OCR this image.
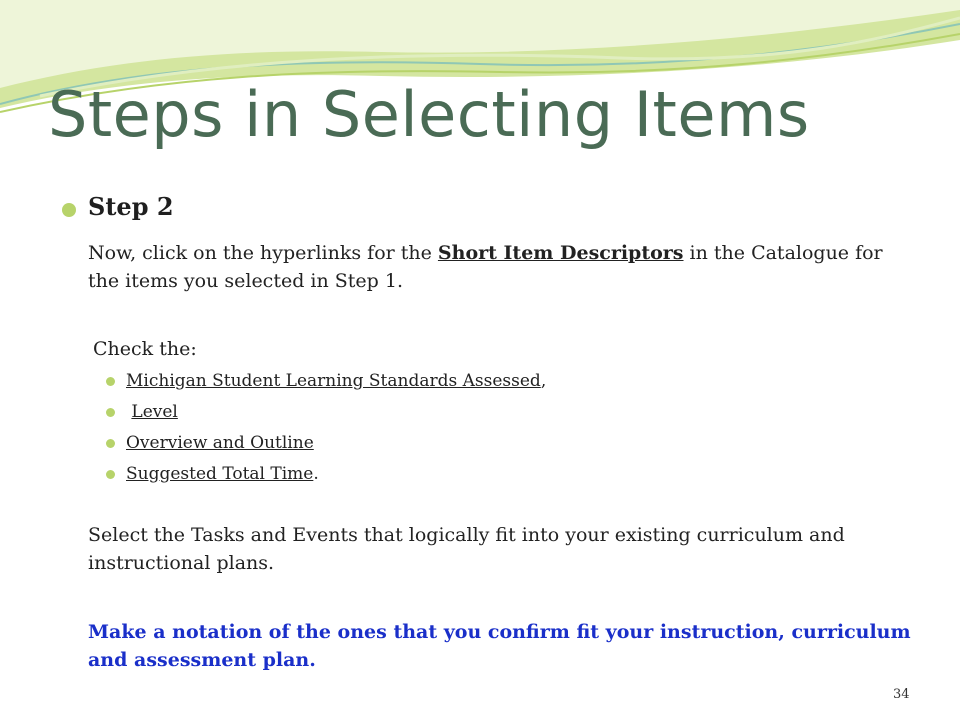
Steps in Selecting Items
Step 2

Now, click on the hyperlinks for the Short Item Descriptors in the Catalogue for the items you selected in Step 1.

Check the:
Michigan Student Learning Standards Assessed,
Level
Overview and Outline
Suggested Total Time.

Select the Tasks and Events that logically fit into your existing curriculum and instructional plans.

Make a notation of the ones that you confirm fit your instruction, curriculum and assessment plan.

34
